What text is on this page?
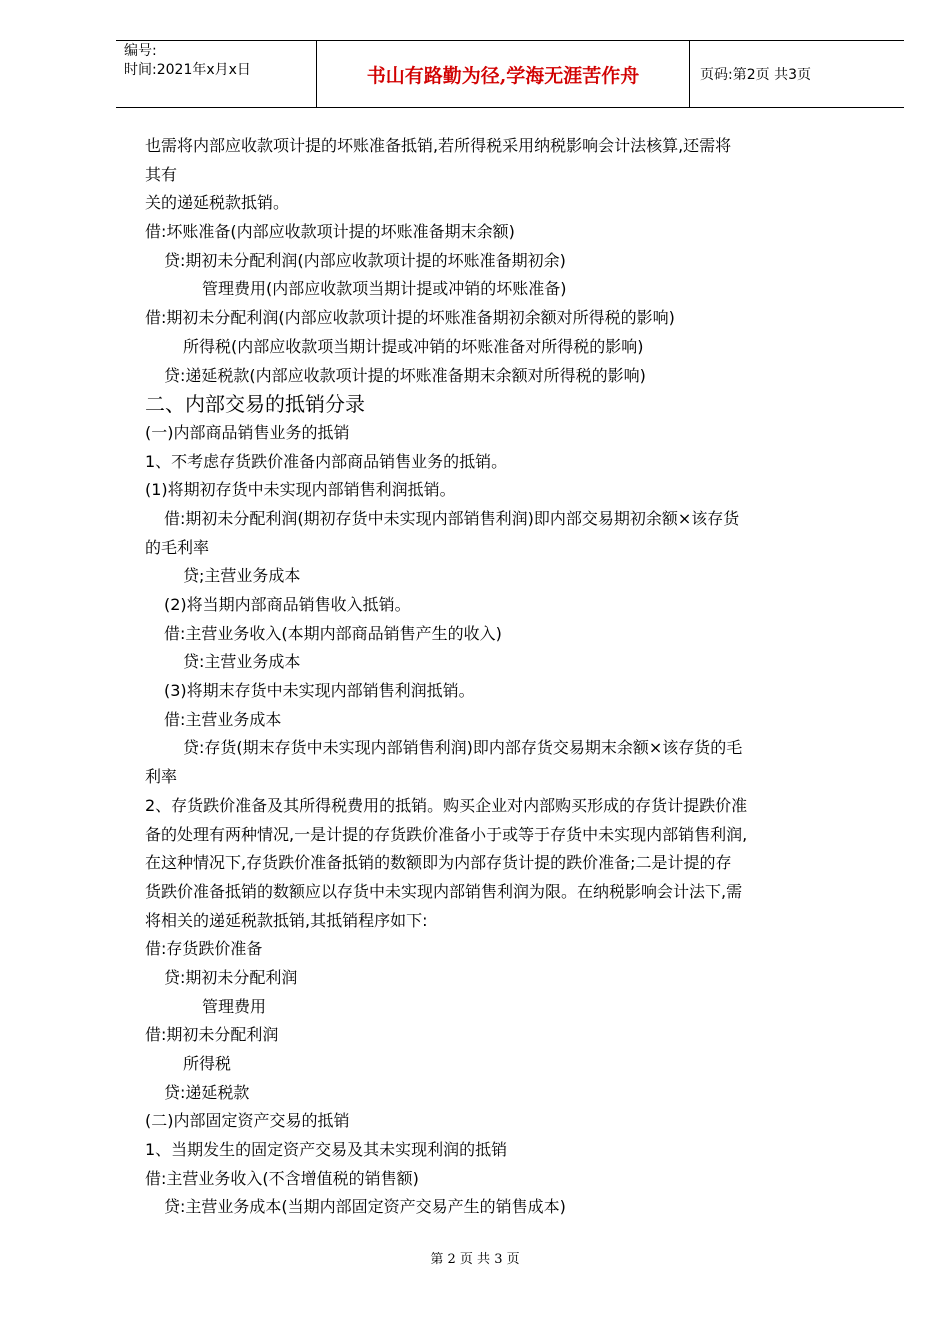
编号:
时间:2021年x月x日	书山有路勤为径,学海无涯苦作舟	页码:第2页 共3页
也需将内部应收款项计提的坏账准备抵销,若所得税采用纳税影响会计法核算,还需将
其有
关的递延税款抵销。
借:坏账准备(内部应收款项计提的坏账准备期末余额)
贷:期初未分配利润(内部应收款项计提的坏账准备期初余)
管理费用(内部应收款项当期计提或冲销的坏账准备)
借:期初未分配利润(内部应收款项计提的坏账准备期初余额对所得税的影响)
所得税(内部应收款项当期计提或冲销的坏账准备对所得税的影响)
贷:递延税款(内部应收款项计提的坏账准备期末余额对所得税的影响)
二、内部交易的抵销分录
(一)内部商品销售业务的抵销
1、不考虑存货跌价准备内部商品销售业务的抵销。
(1)将期初存货中未实现内部销售利润抵销。
借:期初未分配利润(期初存货中未实现内部销售利润)即内部交易期初余额×该存货
的毛利率
贷;主营业务成本
(2)将当期内部商品销售收入抵销。
借:主营业务收入(本期内部商品销售产生的收入)
贷:主营业务成本
(3)将期末存货中未实现内部销售利润抵销。
借:主营业务成本
贷:存货(期末存货中未实现内部销售利润)即内部存货交易期末余额×该存货的毛
利率
2、存货跌价准备及其所得税费用的抵销。购买企业对内部购买形成的存货计提跌价准
备的处理有两种情况,一是计提的存货跌价准备小于或等于存货中未实现内部销售利润,
在这种情况下,存货跌价准备抵销的数额即为内部存货计提的跌价准备;二是计提的存
货跌价准备抵销的数额应以存货中未实现内部销售利润为限。在纳税影响会计法下,需
将相关的递延税款抵销,其抵销程序如下:
借:存货跌价准备
贷:期初未分配利润
管理费用
借:期初未分配利润
所得税
贷:递延税款
(二)内部固定资产交易的抵销
1、当期发生的固定资产交易及其未实现利润的抵销
借:主营业务收入(不含增值税的销售额)
贷:主营业务成本(当期内部固定资产交易产生的销售成本)
第 2 页 共 3 页
